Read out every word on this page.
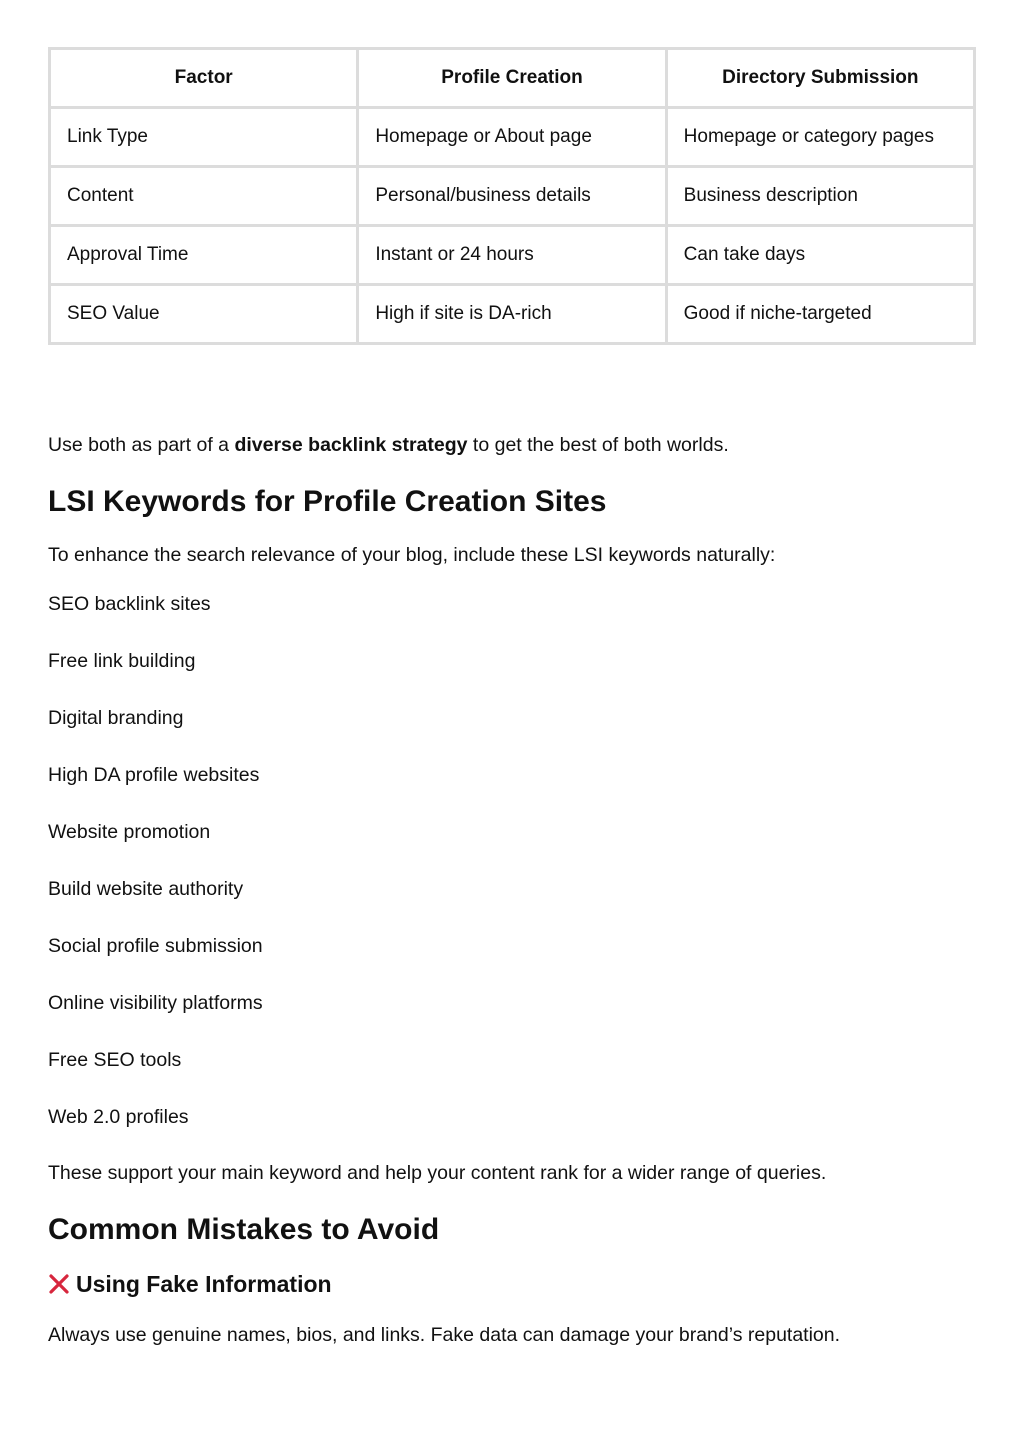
Factor	Profile Creation	Directory Submission
Link Type	Homepage or About page	Homepage or category pages
Content	Personal/business details	Business description
Approval Time	Instant or 24 hours	Can take days
SEO Value	High if site is DA-rich	Good if niche-targeted

Use both as part of a diverse backlink strategy to get the best of both worlds.

LSI Keywords for Profile Creation Sites

To enhance the search relevance of your blog, include these LSI keywords naturally:

SEO backlink sites
Free link building
Digital branding
High DA profile websites
Website promotion
Build website authority
Social profile submission
Online visibility platforms
Free SEO tools
Web 2.0 profiles

These support your main keyword and help your content rank for a wider range of queries.

Common Mistakes to Avoid
Using Fake Information

Always use genuine names, bios, and links. Fake data can damage your brand’s reputation.
